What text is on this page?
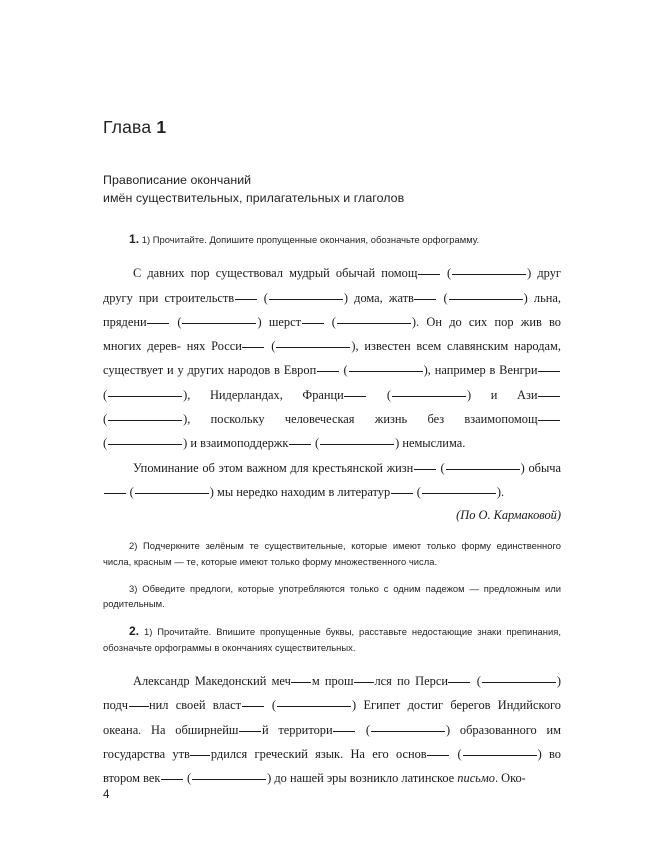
Глава 1
Правописание окончаний
имён существительных, прилагательных и глаголов

1. 1) Прочитайте. Допишите пропущенные окончания, обозначьте орфограмму.

С давних пор существовал мудрый обычай помощ (	) друг другу при строительств (	) дома, жатв (	) льна, прядени (	) шерст (	). Он до сих пор жив во многих дерев- нях Росси (	), известен всем славянским народам, существует и у других народов в Европ (	), например в Венгри (	), Нидерландах, Франци	(	) и Ази (	), поскольку человеческая жизнь без взаимопомощ (	) и взаимоподдержк (	) немыслима.

Упоминание об этом важном для крестьянской жизн (	) обыча (	) мы нередко находим в литератур (	).

(По О. Кармаковой)

2) Подчеркните зелёным те существительные, которые имеют только форму единственного числа, красным — те, которые имеют только форму множественного числа.

3) Обведите предлоги, которые употребляются только с одним падежом — предложным или родительным.

2. 1) Прочитайте. Впишите пропущенные буквы, расставьте недостающие знаки препинания, обозначьте орфограммы в окончаниях существительных.

Александр Македонский меч м прош лся по Перси (	) подч нил своей власт (	) Египет достиг берегов Индийского океана. На обширнейш й территори	(	) образованного им государства утв рдился греческий язык. На его основ (	) во втором век (	) до нашей эры возникло латинское письмо. Око-

4
